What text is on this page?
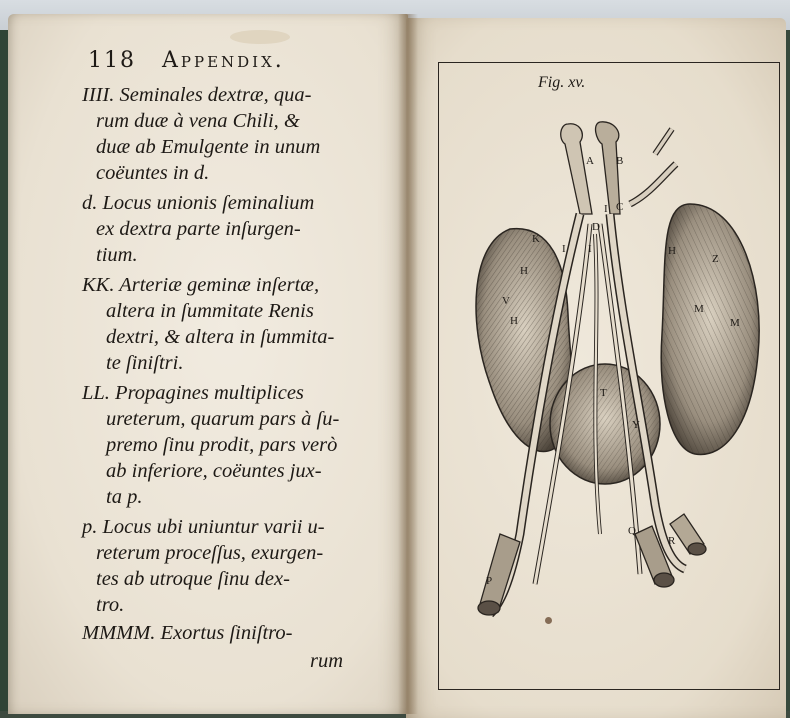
118 Appendix.
IIII. Seminales dextræ, qua-
rum duæ à vena Chili, &
duæ ab Emulgente in unum
coëuntes in d.
d. Locus unionis ſeminalium
ex dextra parte inſurgen-
tium.
KK. Arteriæ geminæ inſertæ,
altera in ſummitate Renis
dextri, & altera in ſummita-
te ſiniſtri.
LL. Propagines multiplices
ureterum, quarum pars à ſu-
premo ſinu prodit, pars verò
ab inferiore, coëuntes jux-
ta p.
p. Locus ubi uniuntur varii u-
reterum proceſſus, exurgen-
tes ab utroque ſinu dex-
tro.
MMMM. Exortus ſiniſtro-
rum
Fig. xv.
A B
I C
D
K
I I
H
H
V
Z
H
M
M
T
Q
R
P
Y
